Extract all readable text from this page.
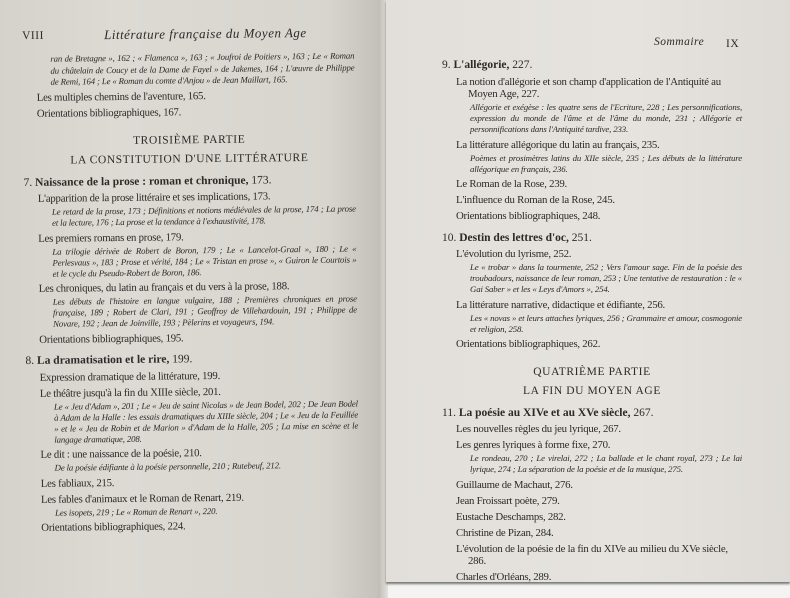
VIII	Littérature française du Moyen Age
ran de Bretagne », 162 ; « Flamenca », 163 ; « Joufroi de Poitiers », 163 ; Le « Roman du châtelain de Coucy et de la Dame de Fayel » de Jakemes, 164 ; L'œuvre de Philippe de Remi, 164 ; Le « Roman du comte d'Anjou » de Jean Maillart, 165.
Les multiples chemins de l'aventure, 165.
Orientations bibliographiques, 167.
TROISIÈME PARTIE
LA CONSTITUTION D'UNE LITTÉRATURE
7. Naissance de la prose : roman et chronique, 173.
L'apparition de la prose littéraire et ses implications, 173.
Le retard de la prose, 173 ; Définitions et notions médiévales de la prose, 174 ; La prose et la lecture, 176 ; La prose et la tendance à l'exhaustivité, 178.
Les premiers romans en prose, 179.
La trilogie dérivée de Robert de Boron, 179 ; Le « Lancelot-Graal », 180 ; Le « Perlesvaus », 183 ; Prose et vérité, 184 ; Le « Tristan en prose », « Guiron le Courtois » et le cycle du Pseudo-Robert de Boron, 186.
Les chroniques, du latin au français et du vers à la prose, 188.
Les débuts de l'histoire en langue vulgaire, 188 ; Premières chroniques en prose française, 189 ; Robert de Clari, 191 ; Geoffroy de Villehardouin, 191 ; Philippe de Novare, 192 ; Jean de Joinville, 193 ; Pèlerins et voyageurs, 194.
Orientations bibliographiques, 195.
8. La dramatisation et le rire, 199.
Expression dramatique de la littérature, 199.
Le théâtre jusqu'à la fin du XIIIe siècle, 201.
Le « Jeu d'Adam », 201 ; Le « Jeu de saint Nicolas » de Jean Bodel, 202 ; De Jean Bodel à Adam de la Halle : les essais dramatiques du XIIIe siècle, 204 ; Le « Jeu de la Feuillée » et le « Jeu de Robin et de Marion » d'Adam de la Halle, 205 ; La mise en scène et le langage dramatique, 208.
Le dit : une naissance de la poésie, 210.
De la poésie édifiante à la poésie personnelle, 210 ; Rutebeuf, 212.
Les fabliaux, 215.
Les fables d'animaux et le Roman de Renart, 219.
Les isopets, 219 ; Le « Roman de Renart », 220.
Orientations bibliographiques, 224.
Sommaire IX
9. L'allégorie, 227.
La notion d'allégorie et son champ d'application de l'Antiquité au Moyen Age, 227.
Allégorie et exégèse : les quatre sens de l'Ecriture, 228 ; Les personnifications, expression du monde de l'âme et de l'âme du monde, 231 ; Allégorie et personnifications dans l'Antiquité tardive, 233.
La littérature allégorique du latin au français, 235.
Poèmes et prosimètres latins du XIIe siècle, 235 ; Les débuts de la littérature allégorique en français, 236.
Le Roman de la Rose, 239.
L'influence du Roman de la Rose, 245.
Orientations bibliographiques, 248.
10. Destin des lettres d'oc, 251.
L'évolution du lyrisme, 252.
Le « trobar » dans la tourmente, 252 ; Vers l'amour sage. Fin de la poésie des troubadours, naissance de leur roman, 253 ; Une tentative de restauration : le « Gai Saber » et les « Leys d'Amors », 254.
La littérature narrative, didactique et édifiante, 256.
Les « novas » et leurs attaches lyriques, 256 ; Grammaire et amour, cosmogonie et religion, 258.
Orientations bibliographiques, 262.
QUATRIÈME PARTIE
LA FIN DU MOYEN AGE
11. La poésie au XIVe et au XVe siècle, 267.
Les nouvelles règles du jeu lyrique, 267.
Les genres lyriques à forme fixe, 270.
Le rondeau, 270 ; Le virelai, 272 ; La ballade et le chant royal, 273 ; Le lai lyrique, 274 ; La séparation de la poésie et de la musique, 275.
Guillaume de Machaut, 276.
Jean Froissart poète, 279.
Eustache Deschamps, 282.
Christine de Pizan, 284.
L'évolution de la poésie de la fin du XIVe au milieu du XVe siècle, 286.
Charles d'Orléans, 289.
